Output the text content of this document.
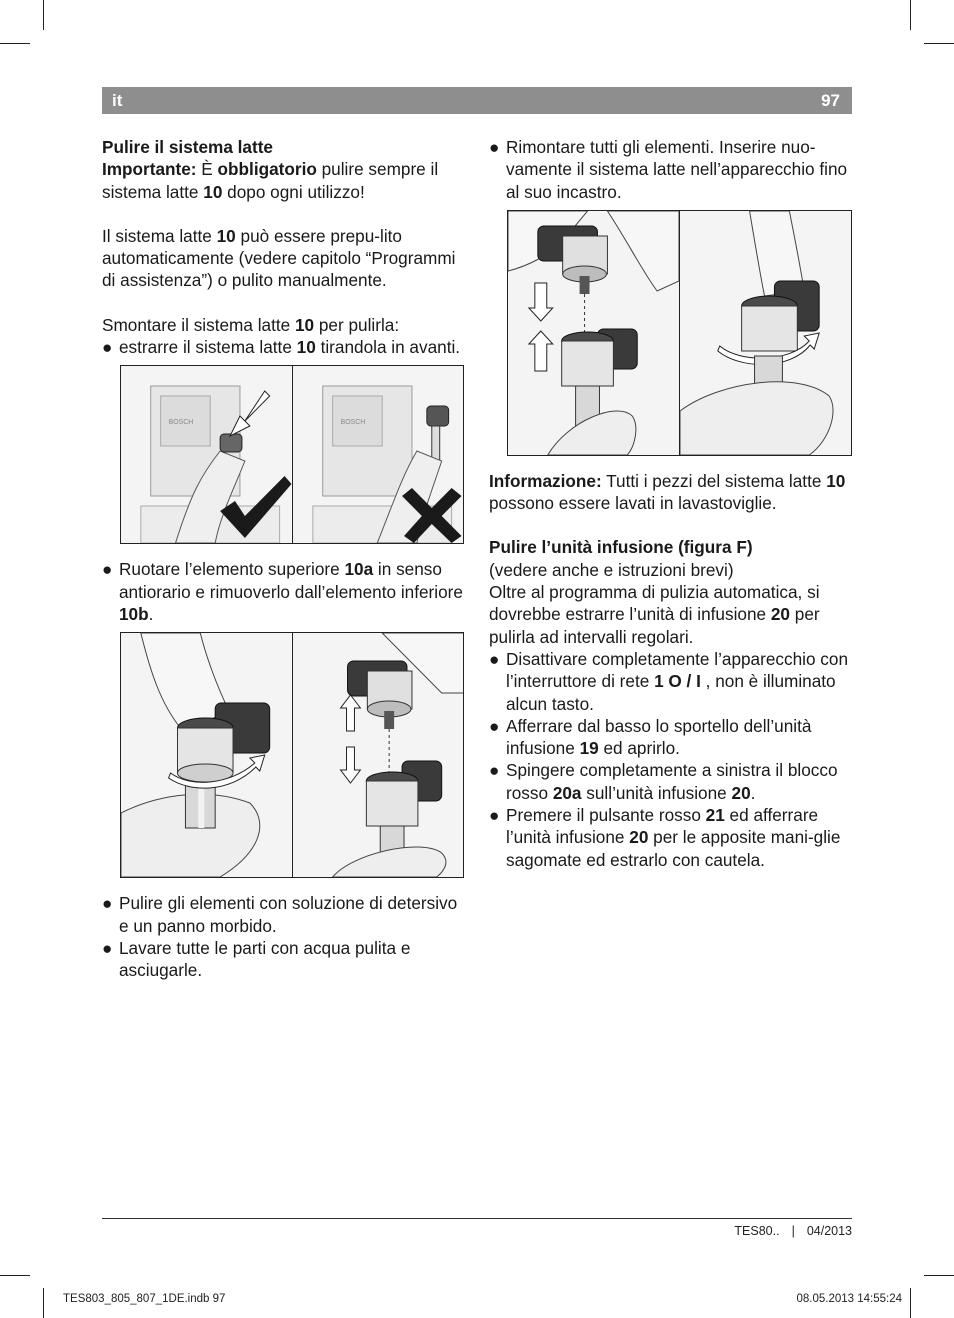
it	97

Pulire il sistema latte

Importante: È obbligatorio pulire sempre il sistema latte 10 dopo ogni utilizzo!

Il sistema latte 10 può essere prepu-lito automaticamente (vedere capitolo “Programmi di assistenza”) o pulito manualmente.

Smontare il sistema latte 10 per pulirla:

● estrarre il sistema latte 10 tirandola in avanti.
BOSCH	BOSCH
● Ruotare l’elemento superiore 10a in senso antiorario e rimuoverlo dall’elemento inferiore 10b.
● Pulire gli elementi con soluzione di detersivo e un panno morbido.
● Lavare tutte le parti con acqua pulita e asciugarle.
● Rimontare tutti gli elementi. Inserire nuo-vamente il sistema latte nell’apparecchio fino al suo incastro.

Informazione: Tutti i pezzi del sistema latte 10 possono essere lavati in lavastoviglie.

Pulire l’unità infusione (figura F)

(vedere anche e istruzioni brevi)

Oltre al programma di pulizia automatica, si dovrebbe estrarre l’unità di infusione 20 per pulirla ad intervalli regolari.

● Disattivare completamente l’apparecchio con l’interruttore di rete 1 O / I , non è illuminato alcun tasto.
● Afferrare dal basso lo sportello dell’unità infusione 19 ed aprirlo.
● Spingere completamente a sinistra il blocco rosso 20a sull’unità infusione 20.
● Premere il pulsante rosso 21 ed afferrare l’unità infusione 20 per le apposite mani-glie sagomate ed estrarlo con cautela.
TES80.. | 04/2013
TES803_805_807_1DE.indb 97	08.05.2013 14:55:24
